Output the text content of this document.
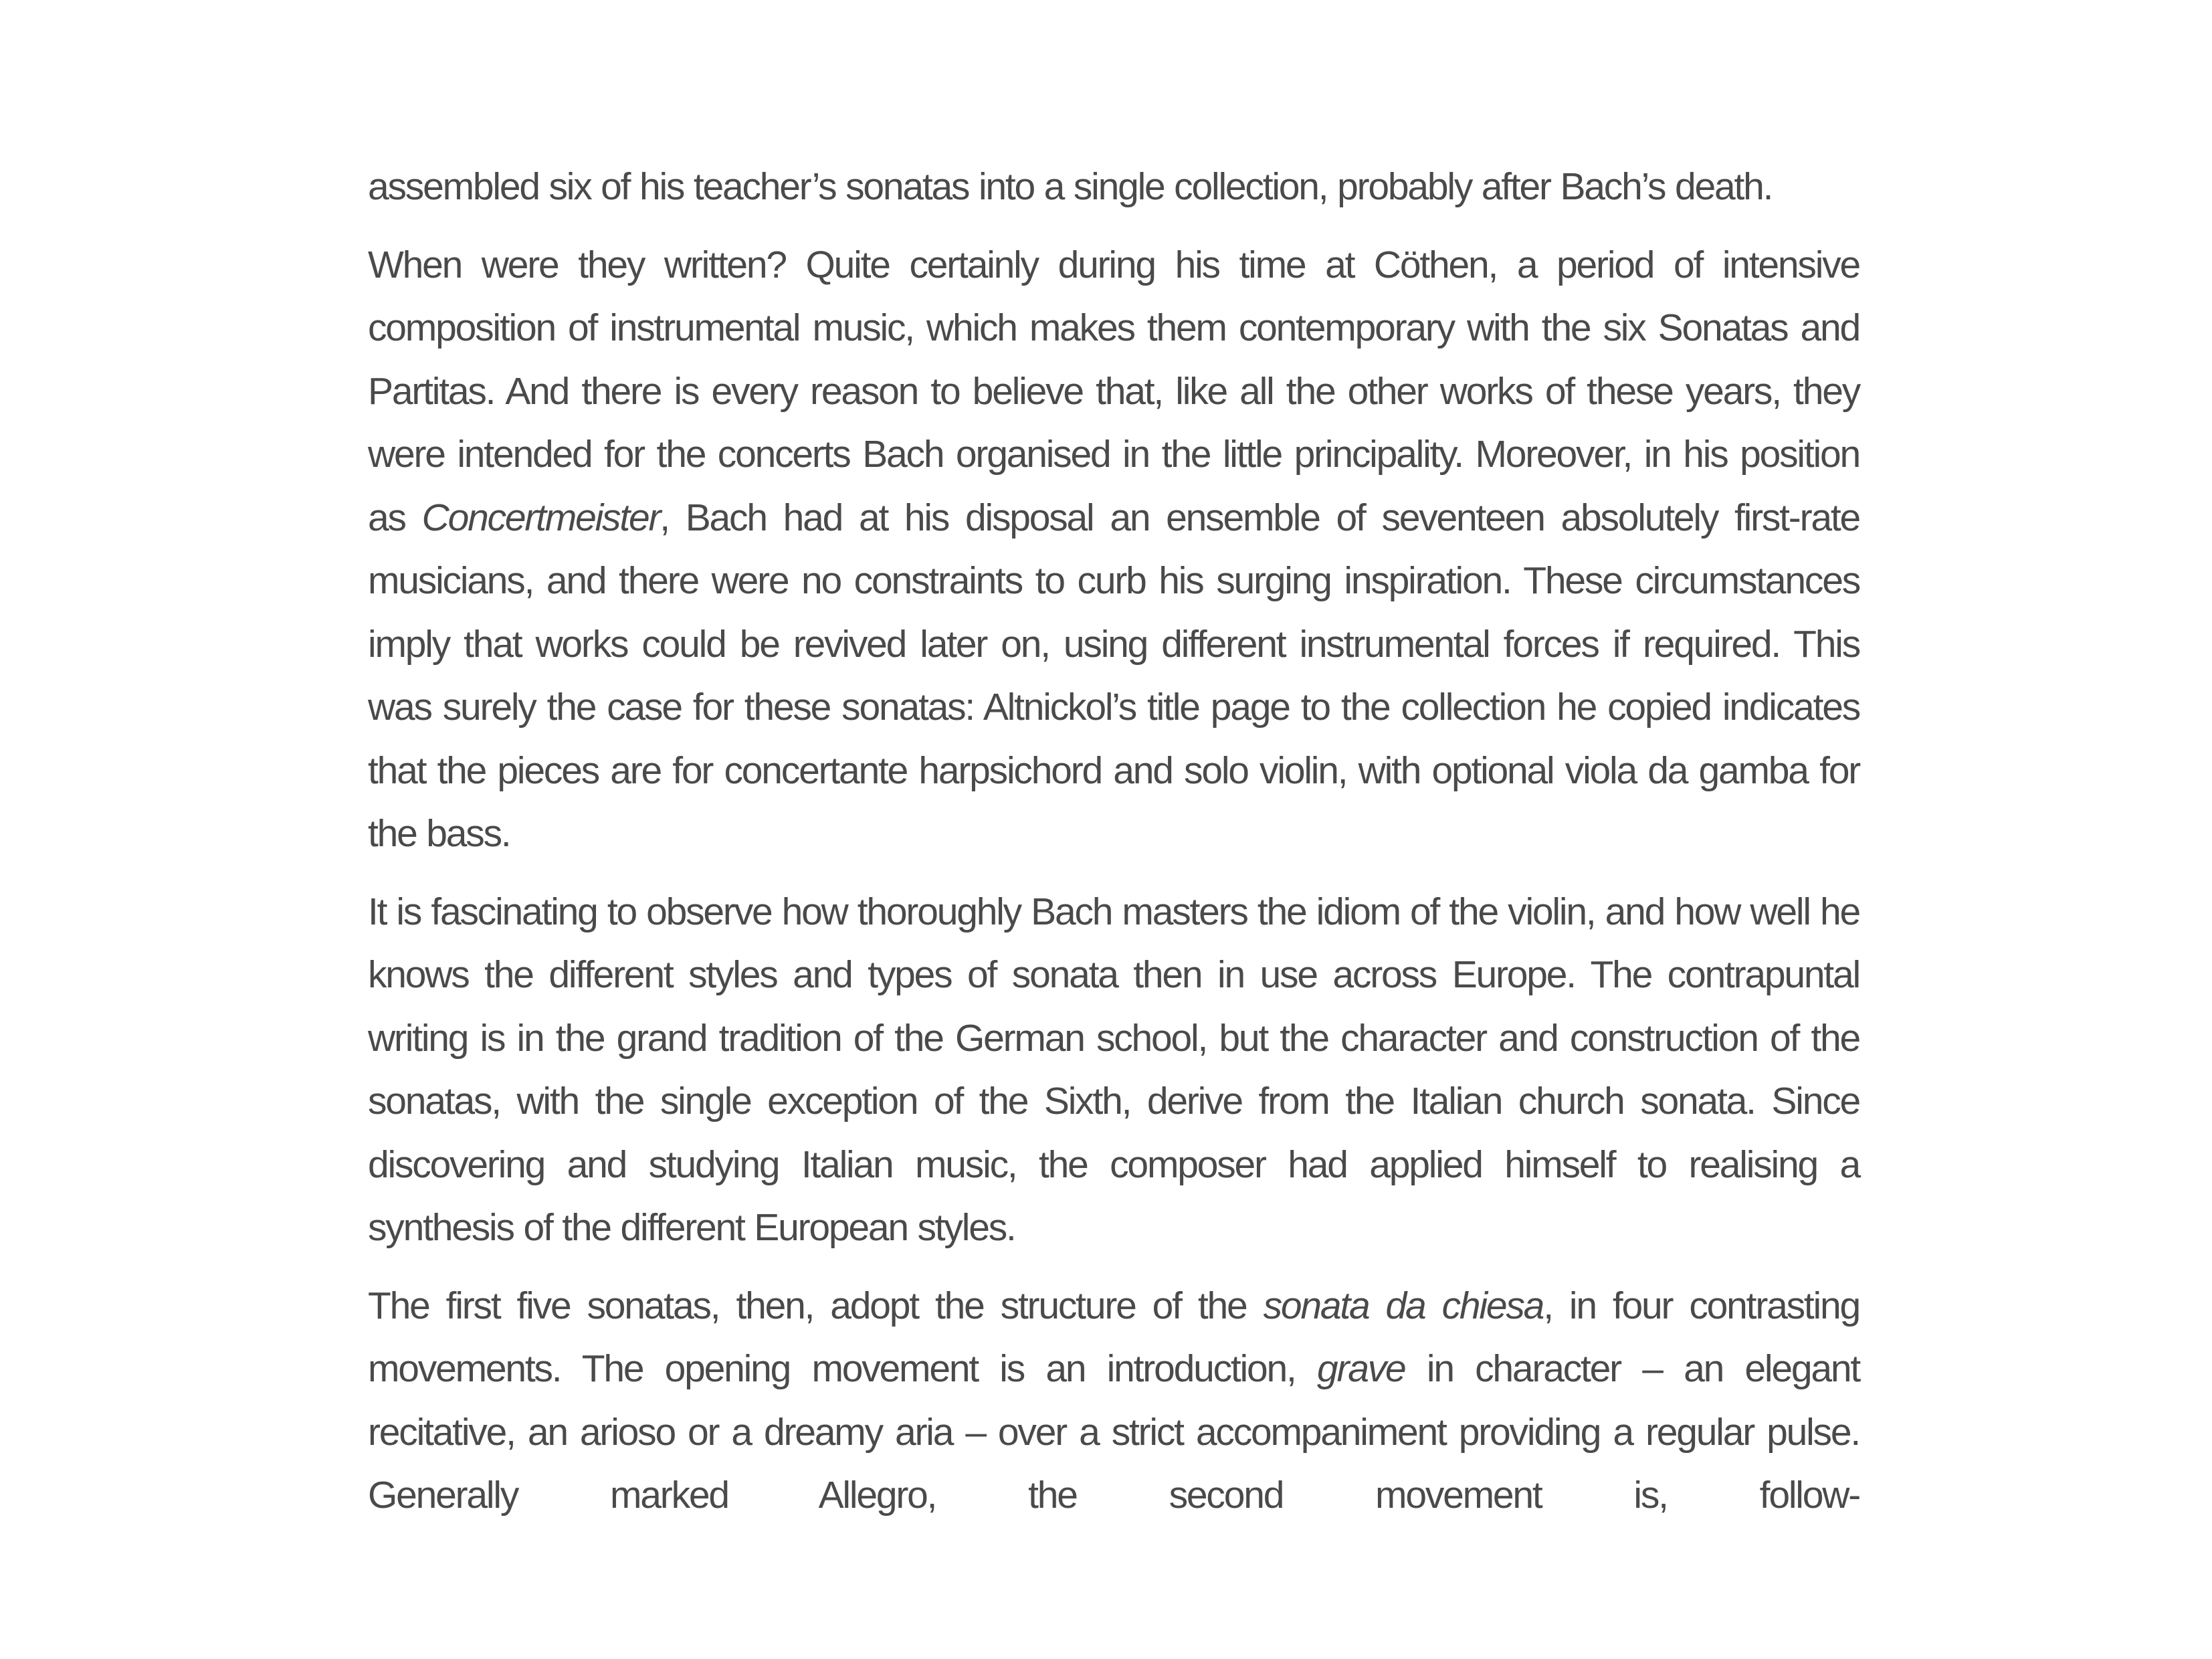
assembled six of his teacher’s sonatas into a single collection, probably after Bach’s death.

When were they written? Quite certainly during his time at Cöthen, a period of intensive composition of instrumental music, which makes them contemporary with the six Sonatas and Partitas. And there is every reason to believe that, like all the other works of these years, they were intended for the concerts Bach organised in the little principality. Moreover, in his position as Concertmeister, Bach had at his disposal an ensemble of seventeen absolutely first-rate musicians, and there were no constraints to curb his surging inspiration. These circumstances imply that works could be revived later on, using different instrumental forces if required. This was surely the case for these sonatas: Altnickol’s title page to the collection he copied indicates that the pieces are for concertante harpsichord and solo violin, with optional viola da gamba for the bass.

It is fascinating to observe how thoroughly Bach masters the idiom of the violin, and how well he knows the different styles and types of sonata then in use across Europe. The contrapuntal writing is in the grand tradition of the German school, but the character and construction of the sonatas, with the single exception of the Sixth, derive from the Italian church sonata. Since discovering and studying Italian music, the composer had applied himself to realising a synthesis of the different European styles.

The first five sonatas, then, adopt the structure of the sonata da chiesa, in four contrasting movements. The opening movement is an introduction, grave in character – an elegant recitative, an arioso or a dreamy aria – over a strict accompaniment providing a regular pulse. Generally marked Allegro, the second movement is, follow-
